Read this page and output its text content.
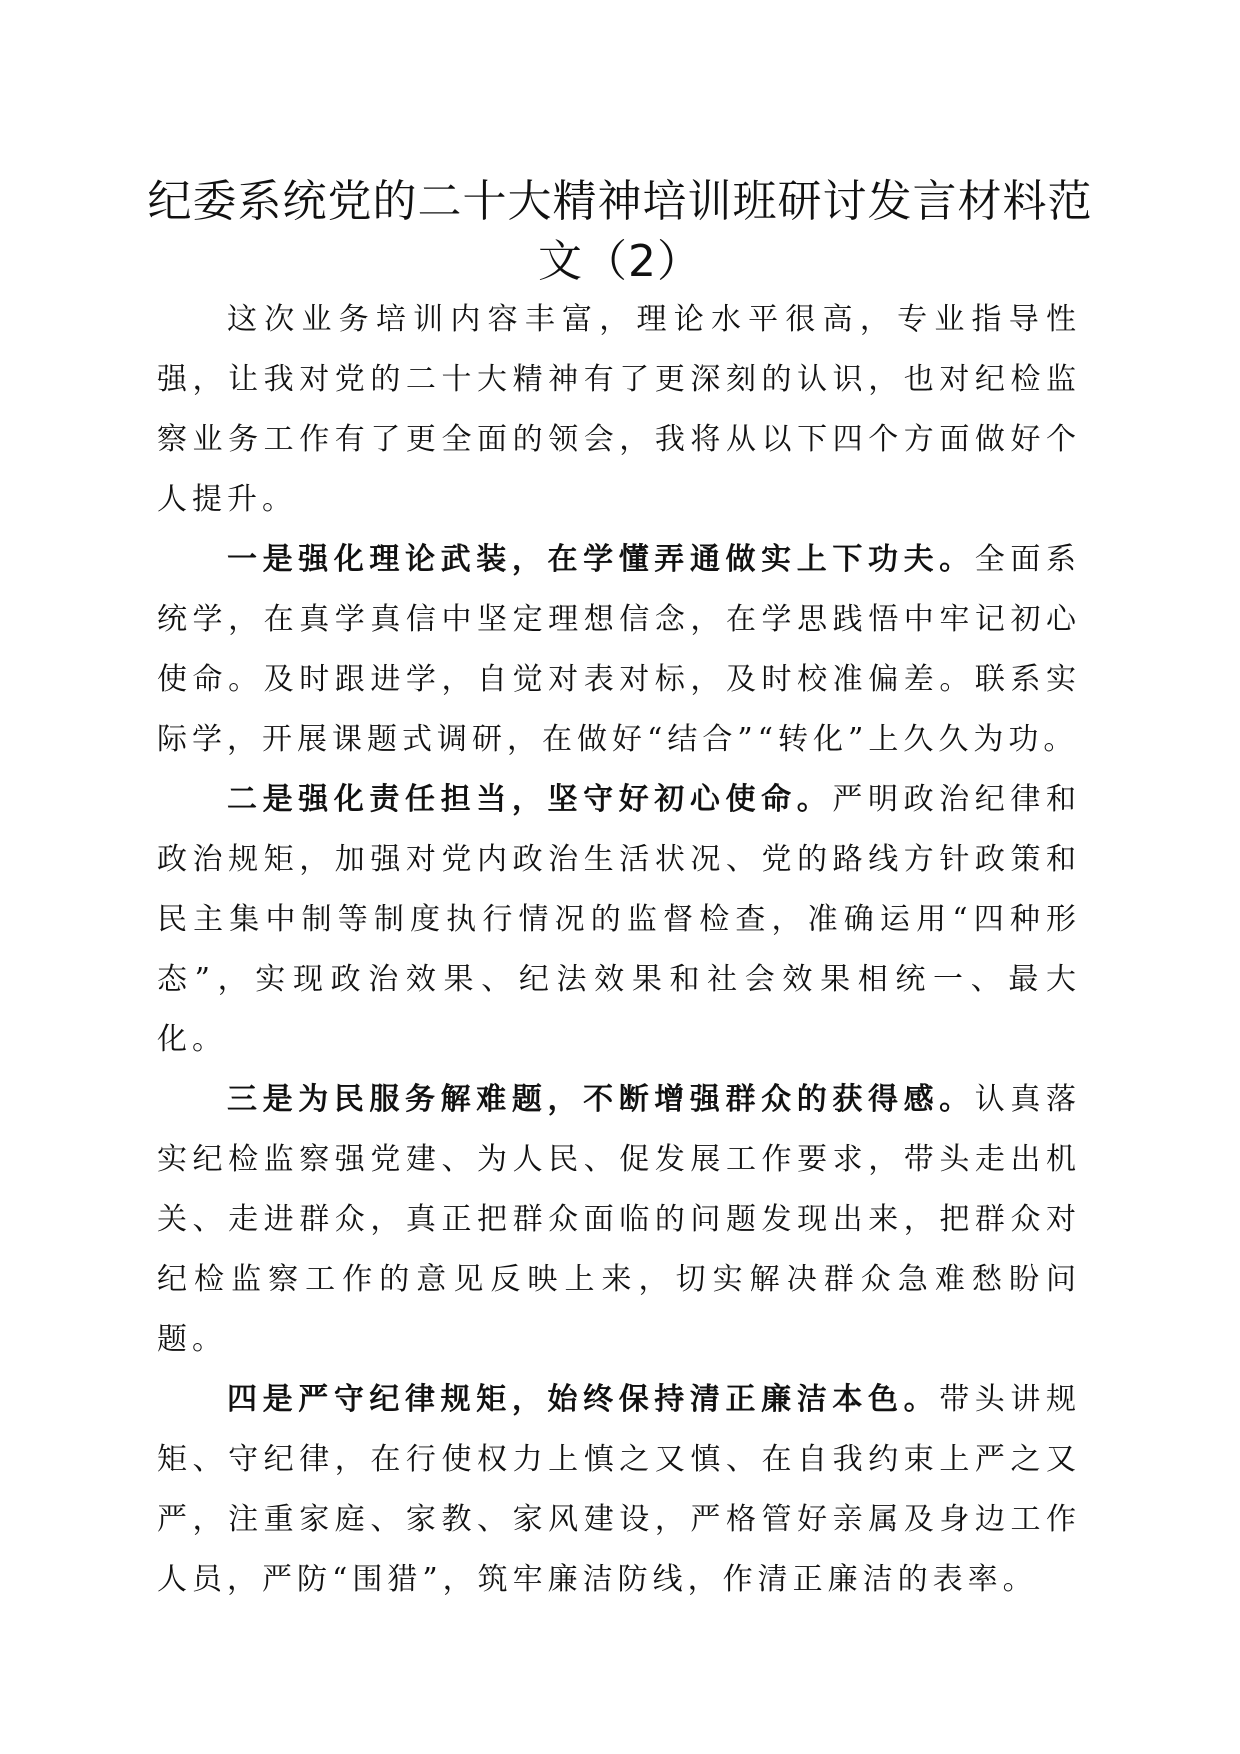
纪委系统党的二十大精神培训班研讨发言材料范文（2）

这次业务培训内容丰富，理论水平很高，专业指导性强，让我对党的二十大精神有了更深刻的认识，也对纪检监察业务工作有了更全面的领会，我将从以下四个方面做好个人提升。

一是强化理论武装，在学懂弄通做实上下功夫。全面系统学，在真学真信中坚定理想信念，在学思践悟中牢记初心使命。及时跟进学，自觉对表对标，及时校准偏差。联系实际学，开展课题式调研，在做好“结合”“转化”上久久为功。

二是强化责任担当，坚守好初心使命。严明政治纪律和政治规矩，加强对党内政治生活状况、党的路线方针政策和民主集中制等制度执行情况的监督检查，准确运用“四种形态”，实现政治效果、纪法效果和社会效果相统一、最大化。

三是为民服务解难题，不断增强群众的获得感。认真落实纪检监察强党建、为人民、促发展工作要求，带头走出机关、走进群众，真正把群众面临的问题发现出来，把群众对纪检监察工作的意见反映上来，切实解决群众急难愁盼问题。

四是严守纪律规矩，始终保持清正廉洁本色。带头讲规矩、守纪律，在行使权力上慎之又慎、在自我约束上严之又严，注重家庭、家教、家风建设，严格管好亲属及身边工作人员，严防“围猎”，筑牢廉洁防线，作清正廉洁的表率。
